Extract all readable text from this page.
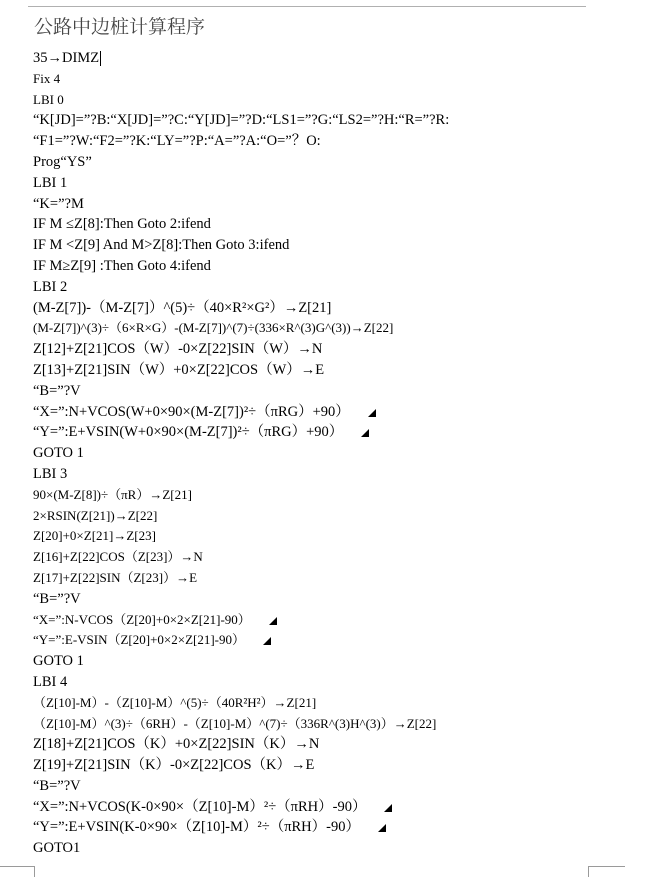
公路中边桩计算程序
35→DIMZ
Fix 4
LBI 0
“K[JD]=”?B:“X[JD]=”?C:“Y[JD]=”?D:“LS1=”?G:“LS2=”?H:“R=”?R:
“F1=”?W:“F2=”?K:“LY=”?P:“A=”?A:“O=”？O:
Prog“YS”
LBI 1
“K=”?M
IF M ≤Z[8]:Then Goto 2:ifend
IF M <Z[9] And M>Z[8]:Then Goto 3:ifend
IF M≥Z[9] :Then Goto 4:ifend
LBI 2
(M-Z[7])-（M-Z[7]）^(5)÷（40×R²×G²）→Z[21]
(M-Z[7])^(3)÷（6×R×G）-(M-Z[7])^(7)÷(336×R^(3)G^(3))→Z[22]
Z[12]+Z[21]COS（W）-0×Z[22]SIN（W）→N
Z[13]+Z[21]SIN（W）+0×Z[22]COS（W）→E
“B=”?V
“X=”:N+VCOS(W+0×90×(M-Z[7])²÷（πRG）+90）
“Y=”:E+VSIN(W+0×90×(M-Z[7])²÷（πRG）+90）
GOTO 1
LBI 3
90×(M-Z[8])÷（πR）→Z[21]
2×RSIN(Z[21])→Z[22]
Z[20]+0×Z[21]→Z[23]
Z[16]+Z[22]COS（Z[23]）→N
Z[17]+Z[22]SIN（Z[23]）→E
“B=”?V
“X=”:N-VCOS（Z[20]+0×2×Z[21]-90）
“Y=”:E-VSIN（Z[20]+0×2×Z[21]-90）
GOTO 1
LBI 4
（Z[10]-M）-（Z[10]-M）^(5)÷（40R²H²）→Z[21]
（Z[10]-M）^(3)÷（6RH）-（Z[10]-M）^(7)÷（336R^(3)H^(3)）→Z[22]
Z[18]+Z[21]COS（K）+0×Z[22]SIN（K）→N
Z[19]+Z[21]SIN（K）-0×Z[22]COS（K）→E
“B=”?V
“X=”:N+VCOS(K-0×90×（Z[10]-M）²÷（πRH）-90）
“Y=”:E+VSIN(K-0×90×（Z[10]-M）²÷（πRH）-90）
GOTO1
